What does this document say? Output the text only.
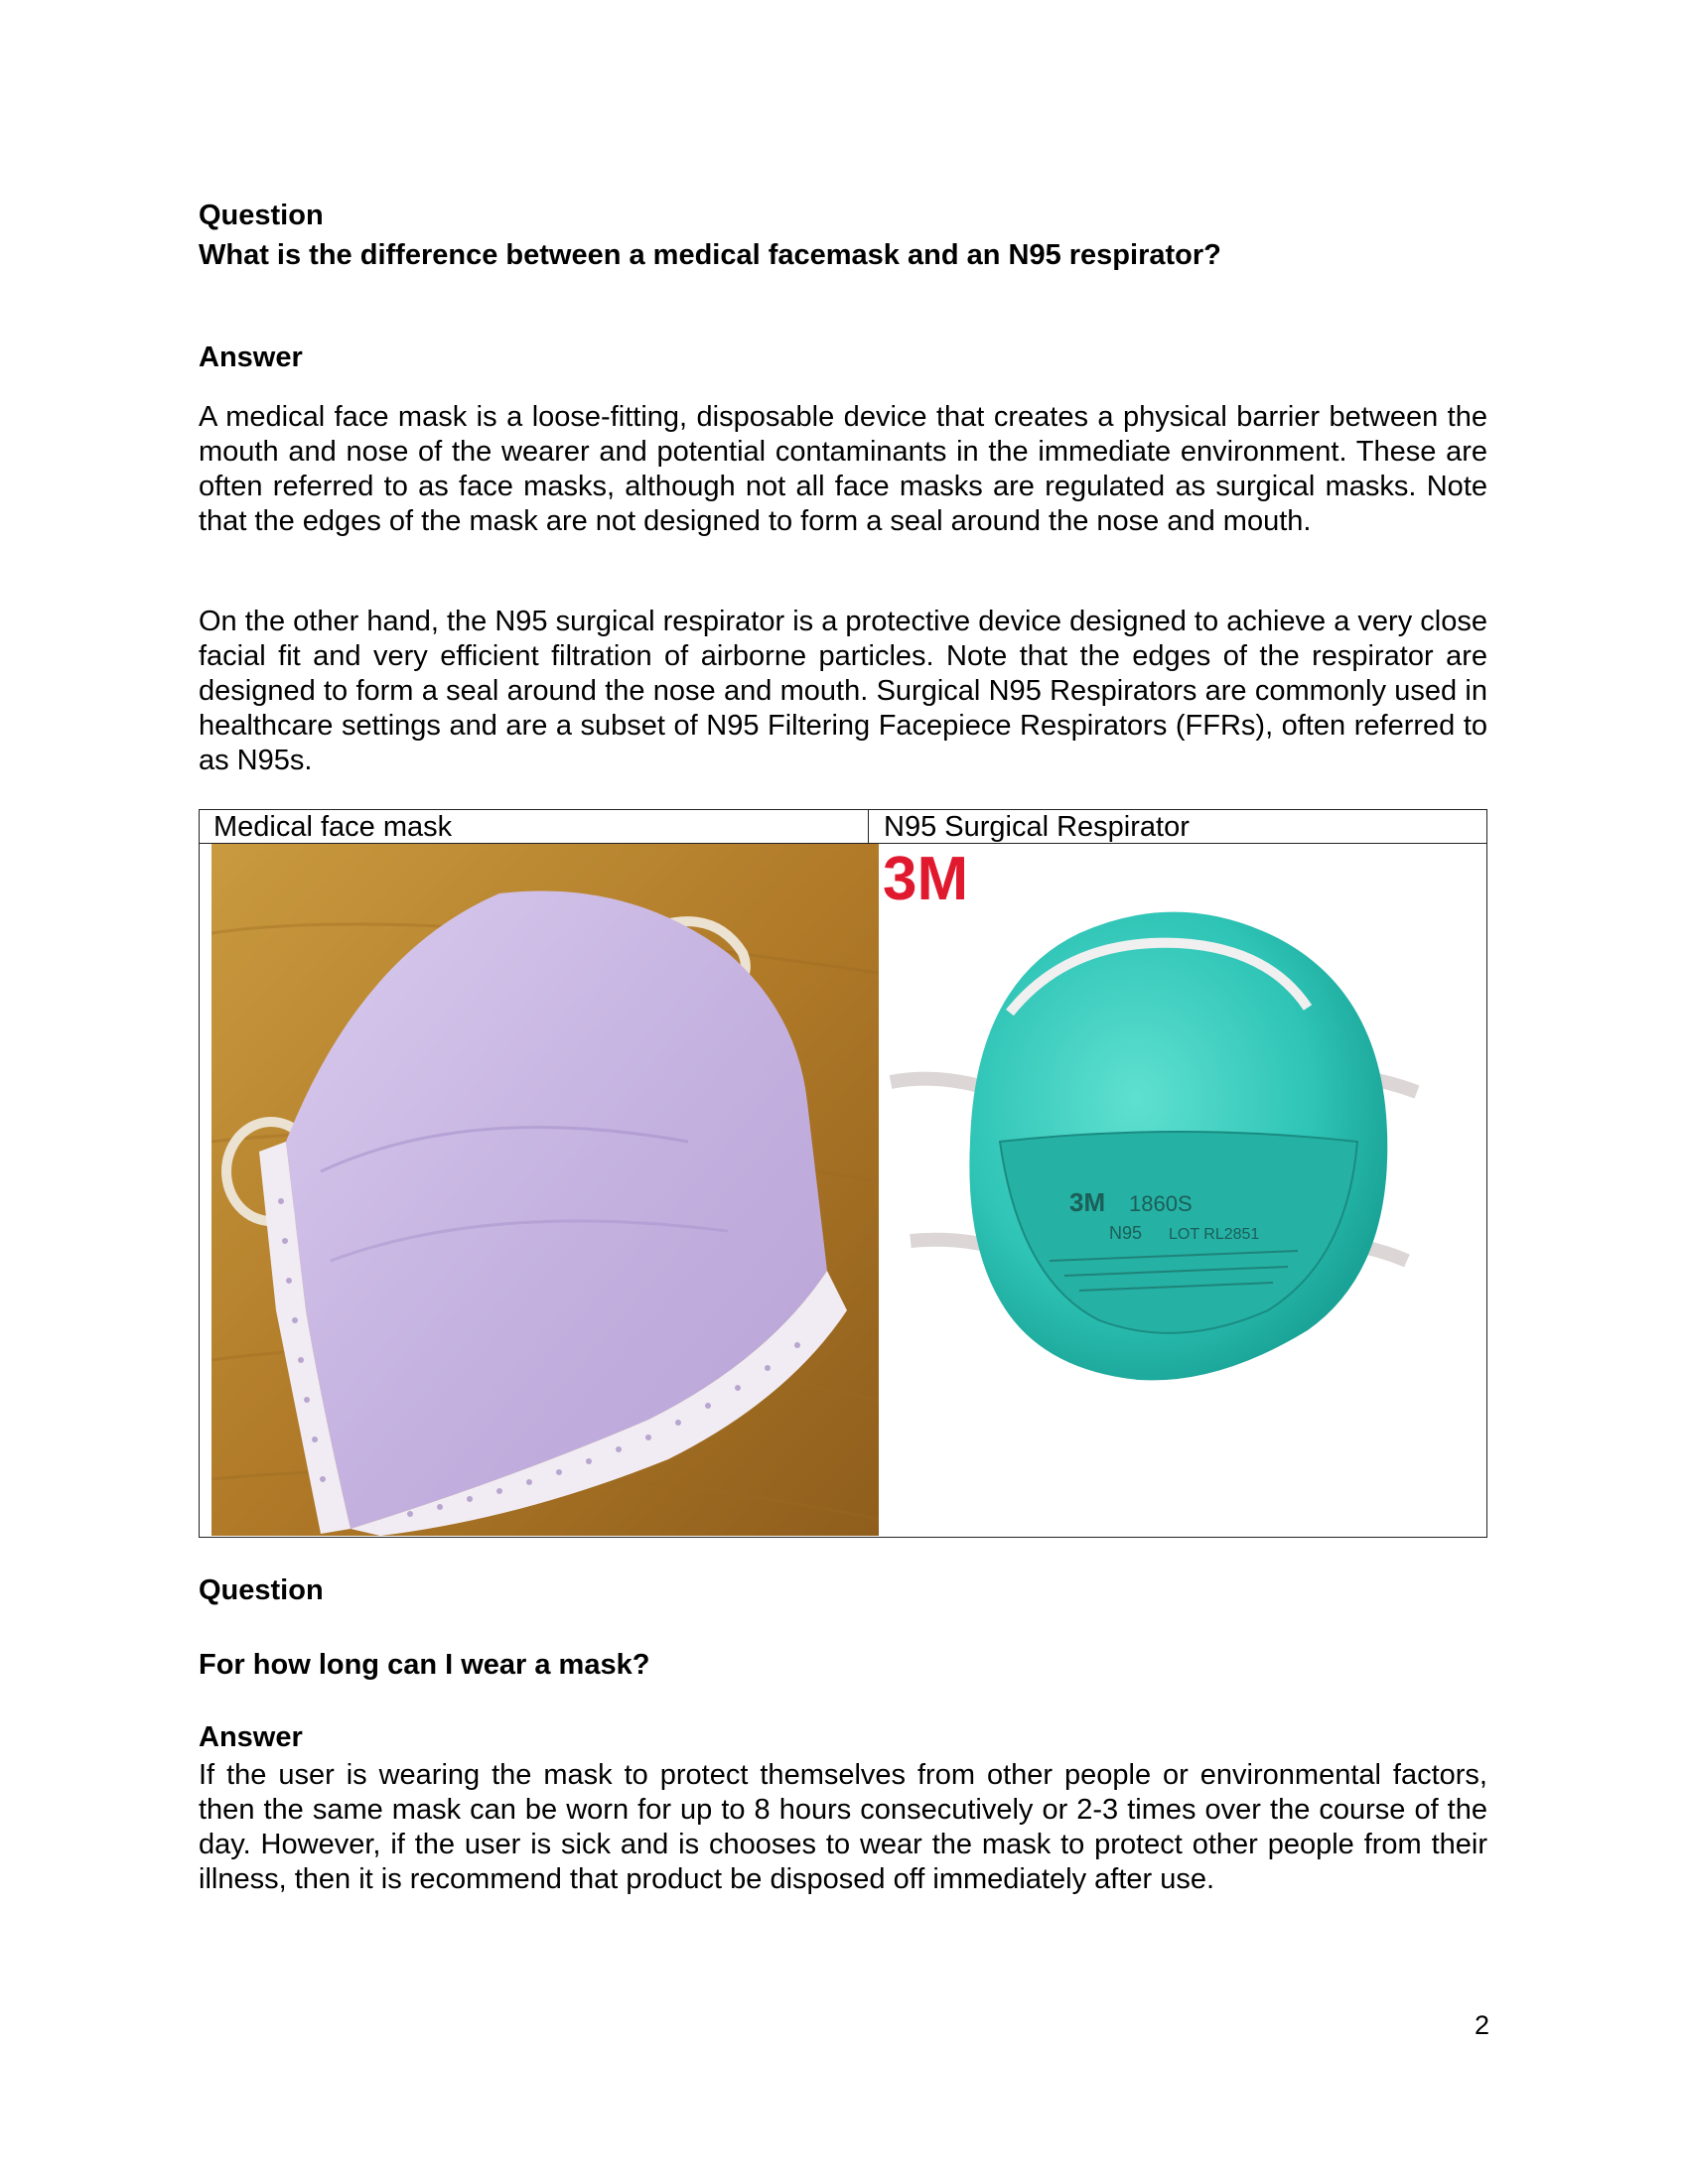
Question

What is the difference between a medical facemask and an N95 respirator?

Answer

A medical face mask is a loose-fitting, disposable device that creates a physical barrier between the mouth and nose of the wearer and potential contaminants in the immediate environment. These are often referred to as face masks, although not all face masks are regulated as surgical masks. Note that the edges of the mask are not designed to form a seal around the nose and mouth.

On the other hand, the N95 surgical respirator is a protective device designed to achieve a very close facial fit and very efficient filtration of airborne particles. Note that the edges of the respirator are designed to form a seal around the nose and mouth. Surgical N95 Respirators are commonly used in healthcare settings and are a subset of N95 Filtering Facepiece Respirators (FFRs), often referred to as N95s.

Medical face mask	N95 Surgical Respirator
3M
3M 1860S
N95 LOT RL2851

Question

For how long can I wear a mask?

Answer

If the user is wearing the mask to protect themselves from other people or environmental factors, then the same mask can be worn for up to 8 hours consecutively or 2-3 times over the course of the day. However, if the user is sick and is chooses to wear the mask to protect other people from their illness, then it is recommend that product be disposed off immediately after use.

2
